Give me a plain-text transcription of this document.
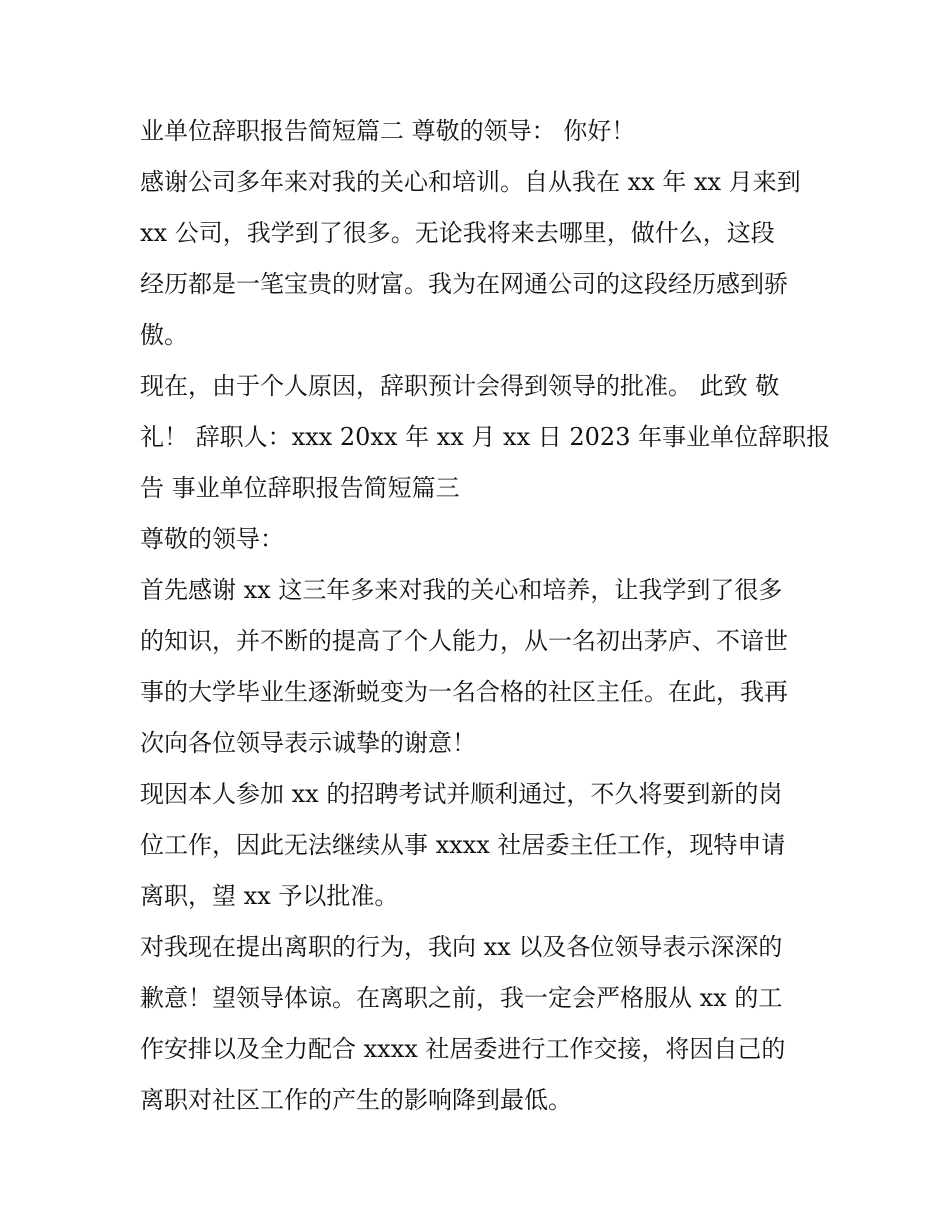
业单位辞职报告简短篇二 尊敬的领导： 你好！
感谢公司多年来对我的关心和培训。自从我在 xx 年 xx 月来到
xx 公司，我学到了很多。无论我将来去哪里，做什么，这段
经历都是一笔宝贵的财富。我为在网通公司的这段经历感到骄
傲。
现在，由于个人原因，辞职预计会得到领导的批准。 此致 敬
礼！ 辞职人：xxx 20xx 年 xx 月 xx 日 2023 年事业单位辞职报
告 事业单位辞职报告简短篇三
尊敬的领导：
首先感谢 xx 这三年多来对我的关心和培养，让我学到了很多
的知识，并不断的提高了个人能力，从一名初出茅庐、不谙世
事的大学毕业生逐渐蜕变为一名合格的社区主任。在此，我再
次向各位领导表示诚挚的谢意！
现因本人参加 xx 的招聘考试并顺利通过，不久将要到新的岗
位工作，因此无法继续从事 xxxx 社居委主任工作，现特申请
离职，望 xx 予以批准。
对我现在提出离职的行为，我向 xx 以及各位领导表示深深的
歉意！望领导体谅。在离职之前，我一定会严格服从 xx 的工
作安排以及全力配合 xxxx 社居委进行工作交接，将因自己的
离职对社区工作的产生的影响降到最低。
